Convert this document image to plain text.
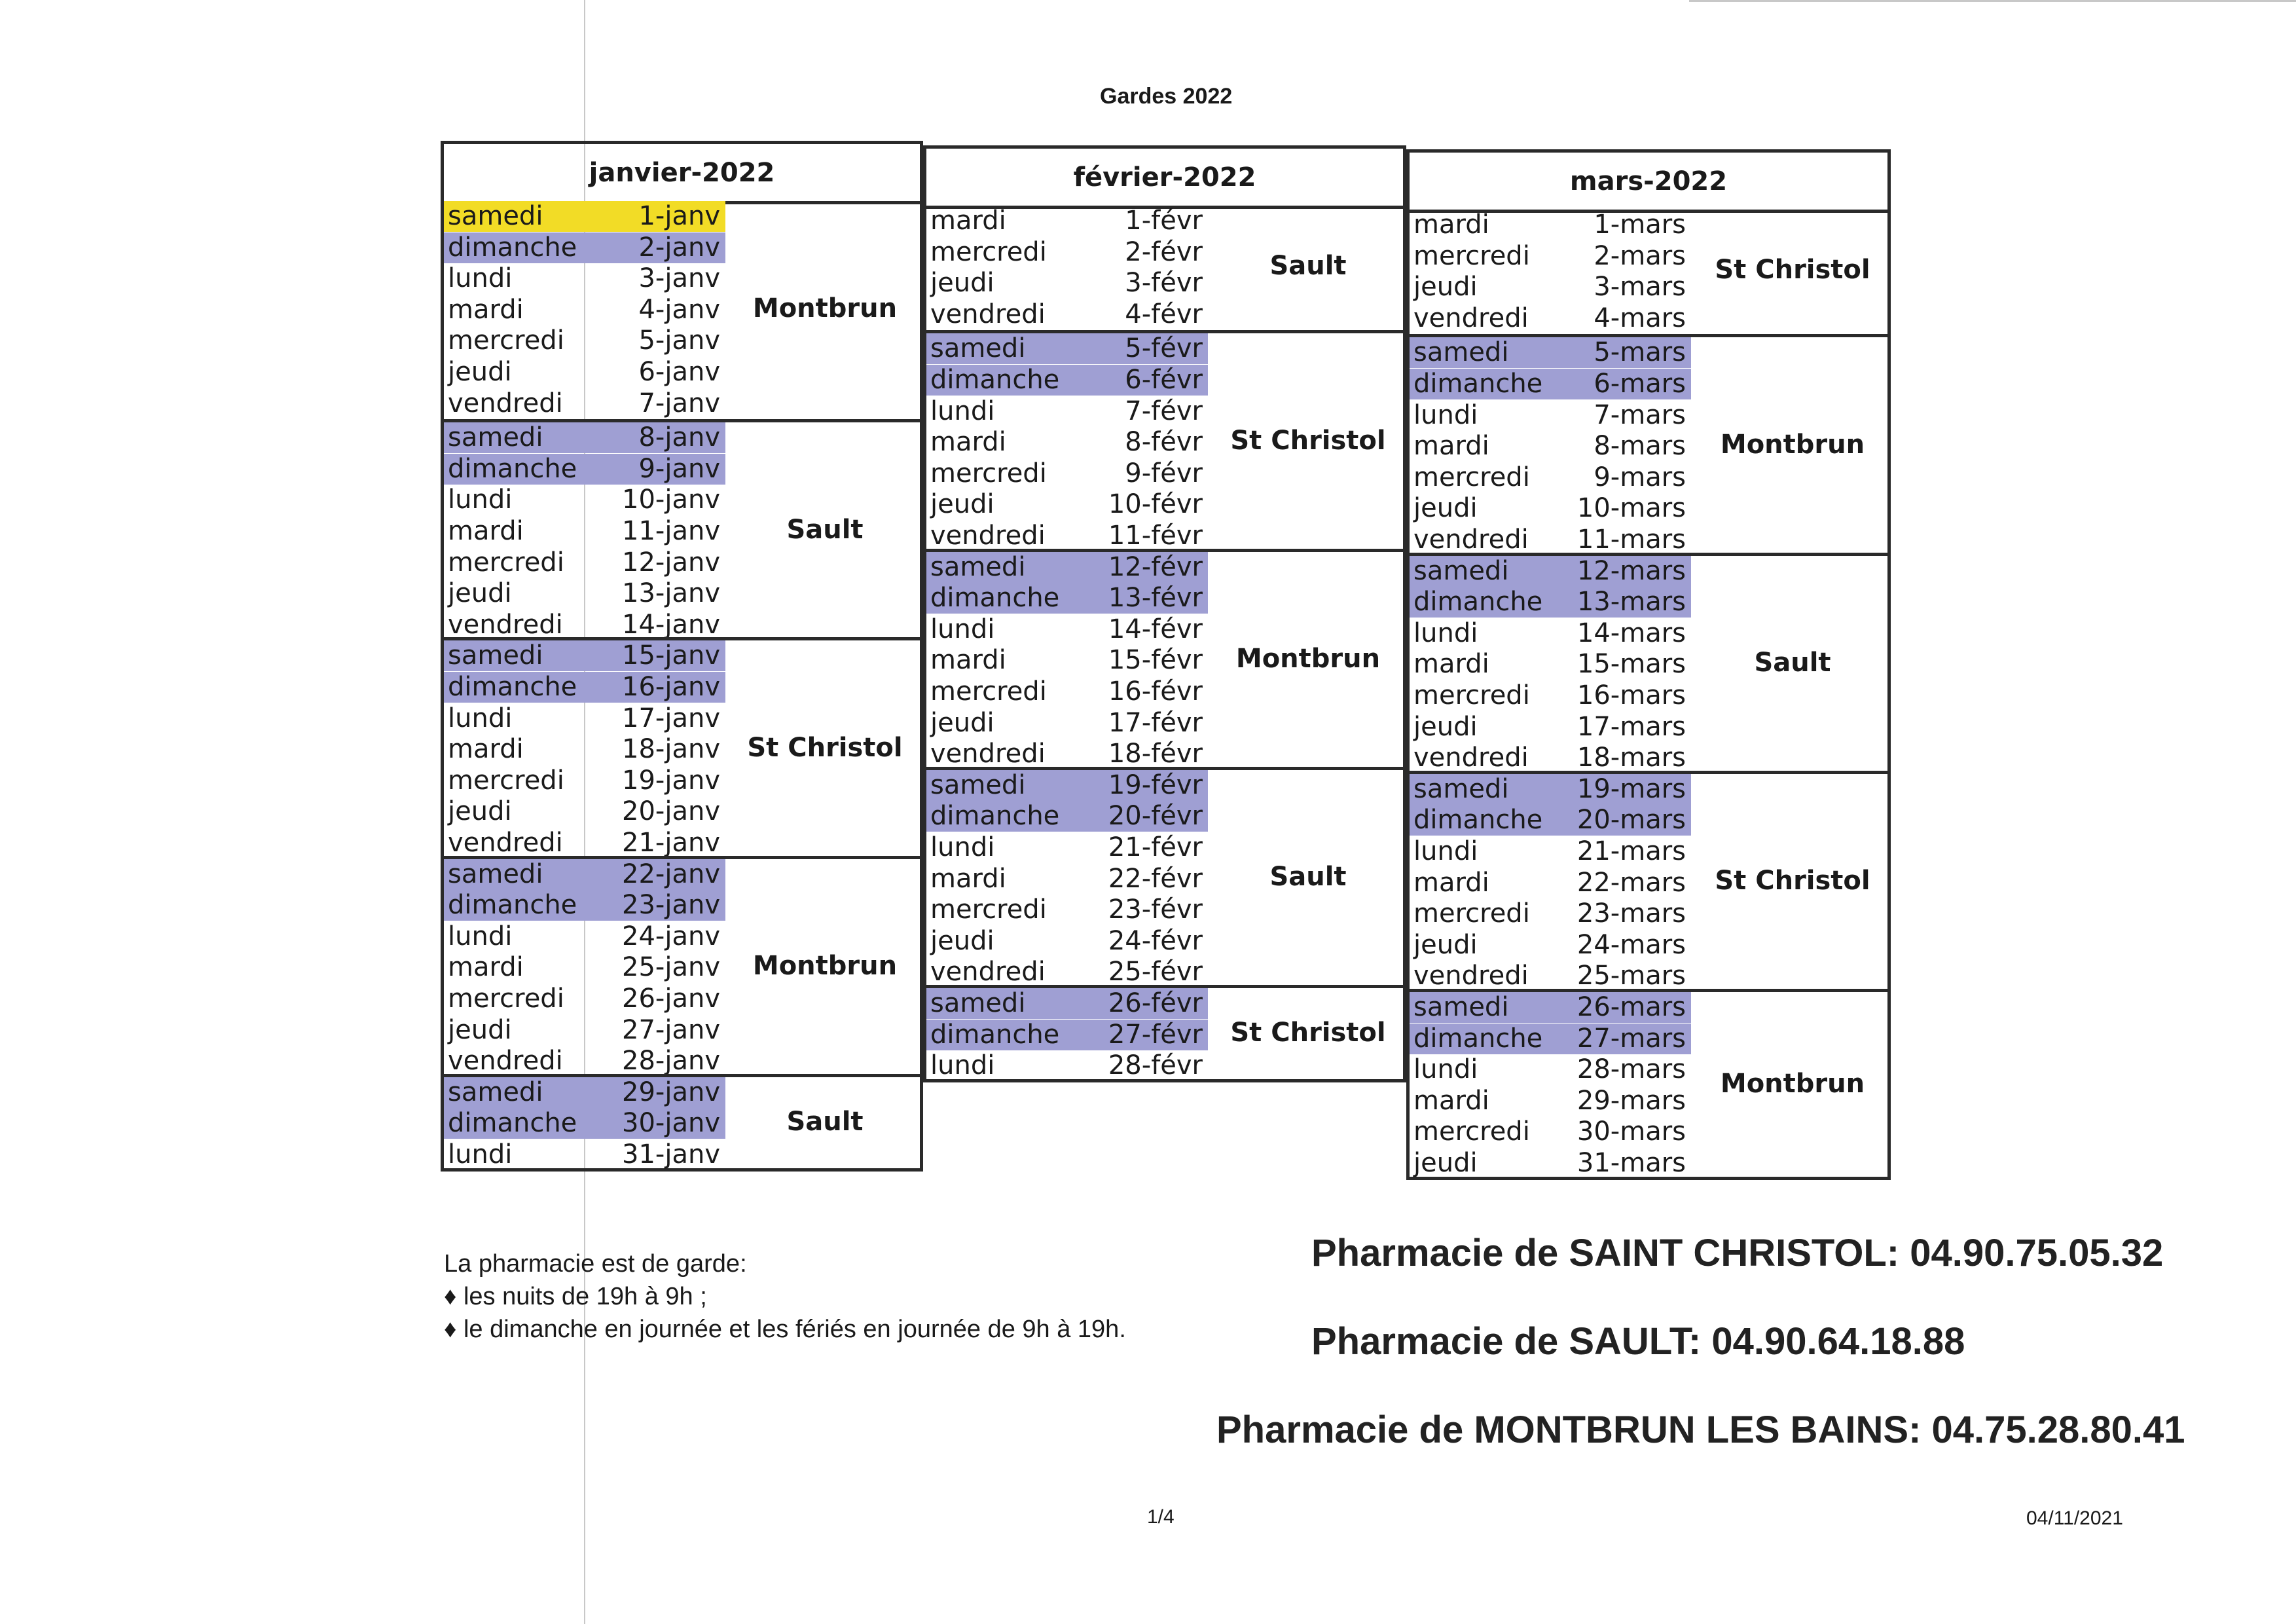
Gardes 2022
janvier-2022
samedi	1-janv
dimanche 2-janv
lundi	3-janv
mardi	4-janv
mercredi	5-janv
jeudi	6-janv
vendredi	7-janv
Montbrun
samedi	8-janv
dimanche 9-janv
lundi	10-janv
mardi	11-janv
mercredi 12-janv
jeudi	13-janv
vendredi 14-janv
Sault
samedi	15-janv
dimanche 16-janv
lundi	17-janv
mardi	18-janv
mercredi 19-janv
jeudi	20-janv
vendredi 21-janv
St Christol
samedi	22-janv
dimanche 23-janv
lundi	24-janv
mardi	25-janv
mercredi 26-janv
jeudi	27-janv
vendredi 28-janv
Montbrun
samedi	29-janv
dimanche 30-janv
lundi	31-janv
Sault
février-2022
mardi	1-févr
mercredi	2-févr
jeudi	3-févr
vendredi	4-févr
Sault
samedi	5-févr
dimanche	6-févr
lundi	7-févr
mardi	8-févr
mercredi	9-févr
jeudi	10-févr
vendredi 11-févr
St Christol
samedi	12-févr
dimanche 13-févr
lundi	14-févr
mardi	15-févr
mercredi 16-févr
jeudi	17-févr
vendredi 18-févr
Montbrun
samedi	19-févr
dimanche 20-févr
lundi	21-févr
mardi	22-févr
mercredi 23-févr
jeudi	24-févr
vendredi 25-févr
Sault
samedi	26-févr
dimanche 27-févr
lundi	28-févr
St Christol
mars-2022
mardi	1-mars
mercredi 2-mars
jeudi	3-mars
vendredi 4-mars
St Christol
samedi	5-mars
dimanche 6-mars
lundi	7-mars
mardi	8-mars
mercredi 9-mars
jeudi	10-mars
vendredi 11-mars
Montbrun
samedi	12-mars
dimanche 13-mars
lundi	14-mars
mardi	15-mars
mercredi 16-mars
jeudi	17-mars
vendredi 18-mars
Sault
samedi	19-mars
dimanche 20-mars
lundi	21-mars
mardi	22-mars
mercredi 23-mars
jeudi	24-mars
vendredi 25-mars
St Christol
samedi	26-mars
dimanche 27-mars
lundi	28-mars
mardi	29-mars
mercredi 30-mars
jeudi	31-mars
Montbrun
La pharmacie est de garde:
♦ les nuits de 19h à 9h ;
♦ le dimanche en journée et les fériés en journée de 9h à 19h.
Pharmacie de SAINT CHRISTOL: 04.90.75.05.32
Pharmacie de SAULT: 04.90.64.18.88
Pharmacie de MONTBRUN LES BAINS: 04.75.28.80.41
1/4	04/11/2021
